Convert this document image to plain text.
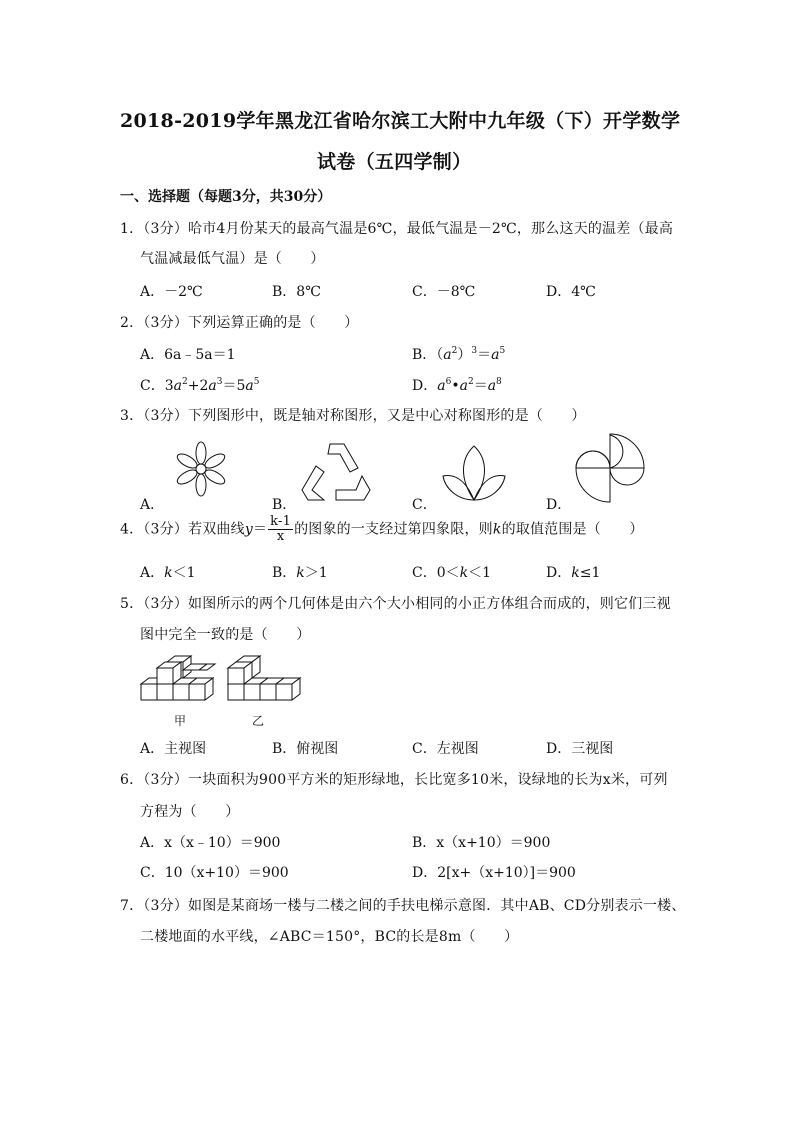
2018-2019学年黑龙江省哈尔滨工大附中九年级（下）开学数学
试卷（五四学制）
一、选择题（每题3分，共30分）
1．（3分）哈市4月份某天的最高气温是6℃，最低气温是－2℃，那么这天的温差（最高
气温减最低气温）是（　　）
A．－2℃	B．8℃	C．－8℃	D．4℃
2．（3分）下列运算正确的是（　　）
A．6a﹣5a＝1	B．$(a^2)^3=a^5$
C．$3a^2+2a^3=5a^5$	D．$a^6•a^2=a^8$
3．（3分）下列图形中，既是轴对称图形，又是中心对称图形的是（　　）
A．	B．	C．	D．
4．（3分）若双曲线$y= \frac{k-1}{x}$ 的图象的一支经过第四象限，则k的取值范围是（　　）
A．k＜1	B．k＞1	C．0＜k＜1	D．k≤1
5．（3分）如图所示的两个几何体是由六个大小相同的小正方体组合而成的，则它们三视
图中完全一致的是（　　）
甲	乙
A．主视图	B．俯视图	C．左视图	D．三视图
6．（3分）一块面积为900平方米的矩形绿地，长比宽多10米，设绿地的长为x米，可列
方程为（　　）
A．x（x﹣10）＝900	B．x（x+10）＝900
C．10（x+10）＝900	D．2[x+（x+10）]＝900
7．（3分）如图是某商场一楼与二楼之间的手扶电梯示意图．其中AB、CD分别表示一楼、
二楼地面的水平线，∠ABC＝150°，BC的长是8m（　　）
